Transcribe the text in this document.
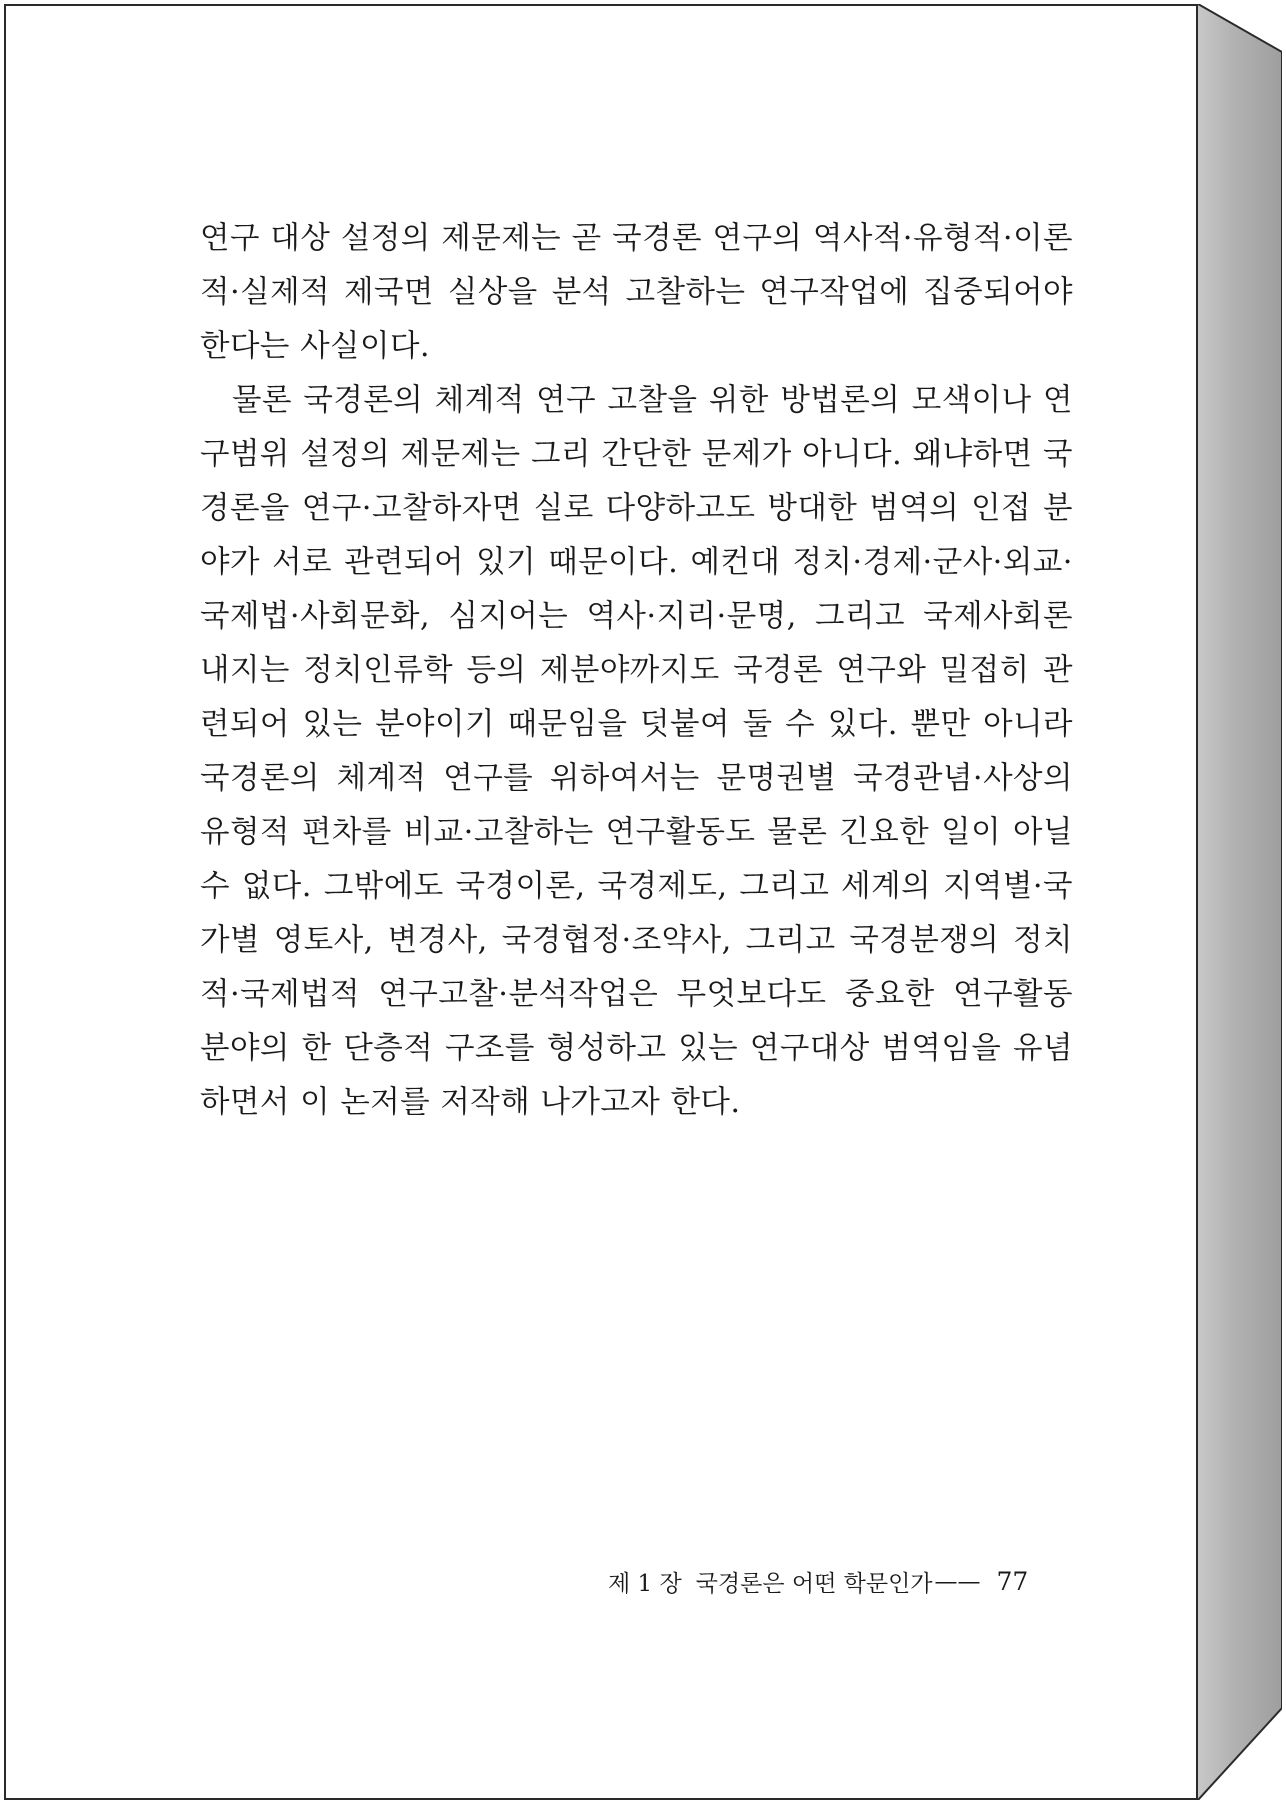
연구 대상 설정의 제문제는 곧 국경론 연구의 역사적·유형적·이론적·실제적 제국면 실상을 분석 고찰하는 연구작업에 집중되어야 한다는 사실이다.

물론 국경론의 체계적 연구 고찰을 위한 방법론의 모색이나 연구범위 설정의 제문제는 그리 간단한 문제가 아니다. 왜냐하면 국경론을 연구·고찰하자면 실로 다양하고도 방대한 범역의 인접 분야가 서로 관련되어 있기 때문이다. 예컨대 정치·경제·군사·외교·국제법·사회문화, 심지어는 역사·지리·문명, 그리고 국제사회론 내지는 정치인류학 등의 제분야까지도 국경론 연구와 밀접히 관련되어 있는 분야이기 때문임을 덧붙여 둘 수 있다. 뿐만 아니라 국경론의 체계적 연구를 위하여서는 문명권별 국경관념·사상의 유형적 편차를 비교·고찰하는 연구활동도 물론 긴요한 일이 아닐 수 없다. 그밖에도 국경이론, 국경제도, 그리고 세계의 지역별·국가별 영토사, 변경사, 국경협정·조약사, 그리고 국경분쟁의 정치적·국제법적 연구고찰·분석작업은 무엇보다도 중요한 연구활동 분야의 한 단층적 구조를 형성하고 있는 연구대상 범역임을 유념하면서 이 논저를 저작해 나가고자 한다.

제 1 장 국경론은 어떤 학문인가 —— 77
